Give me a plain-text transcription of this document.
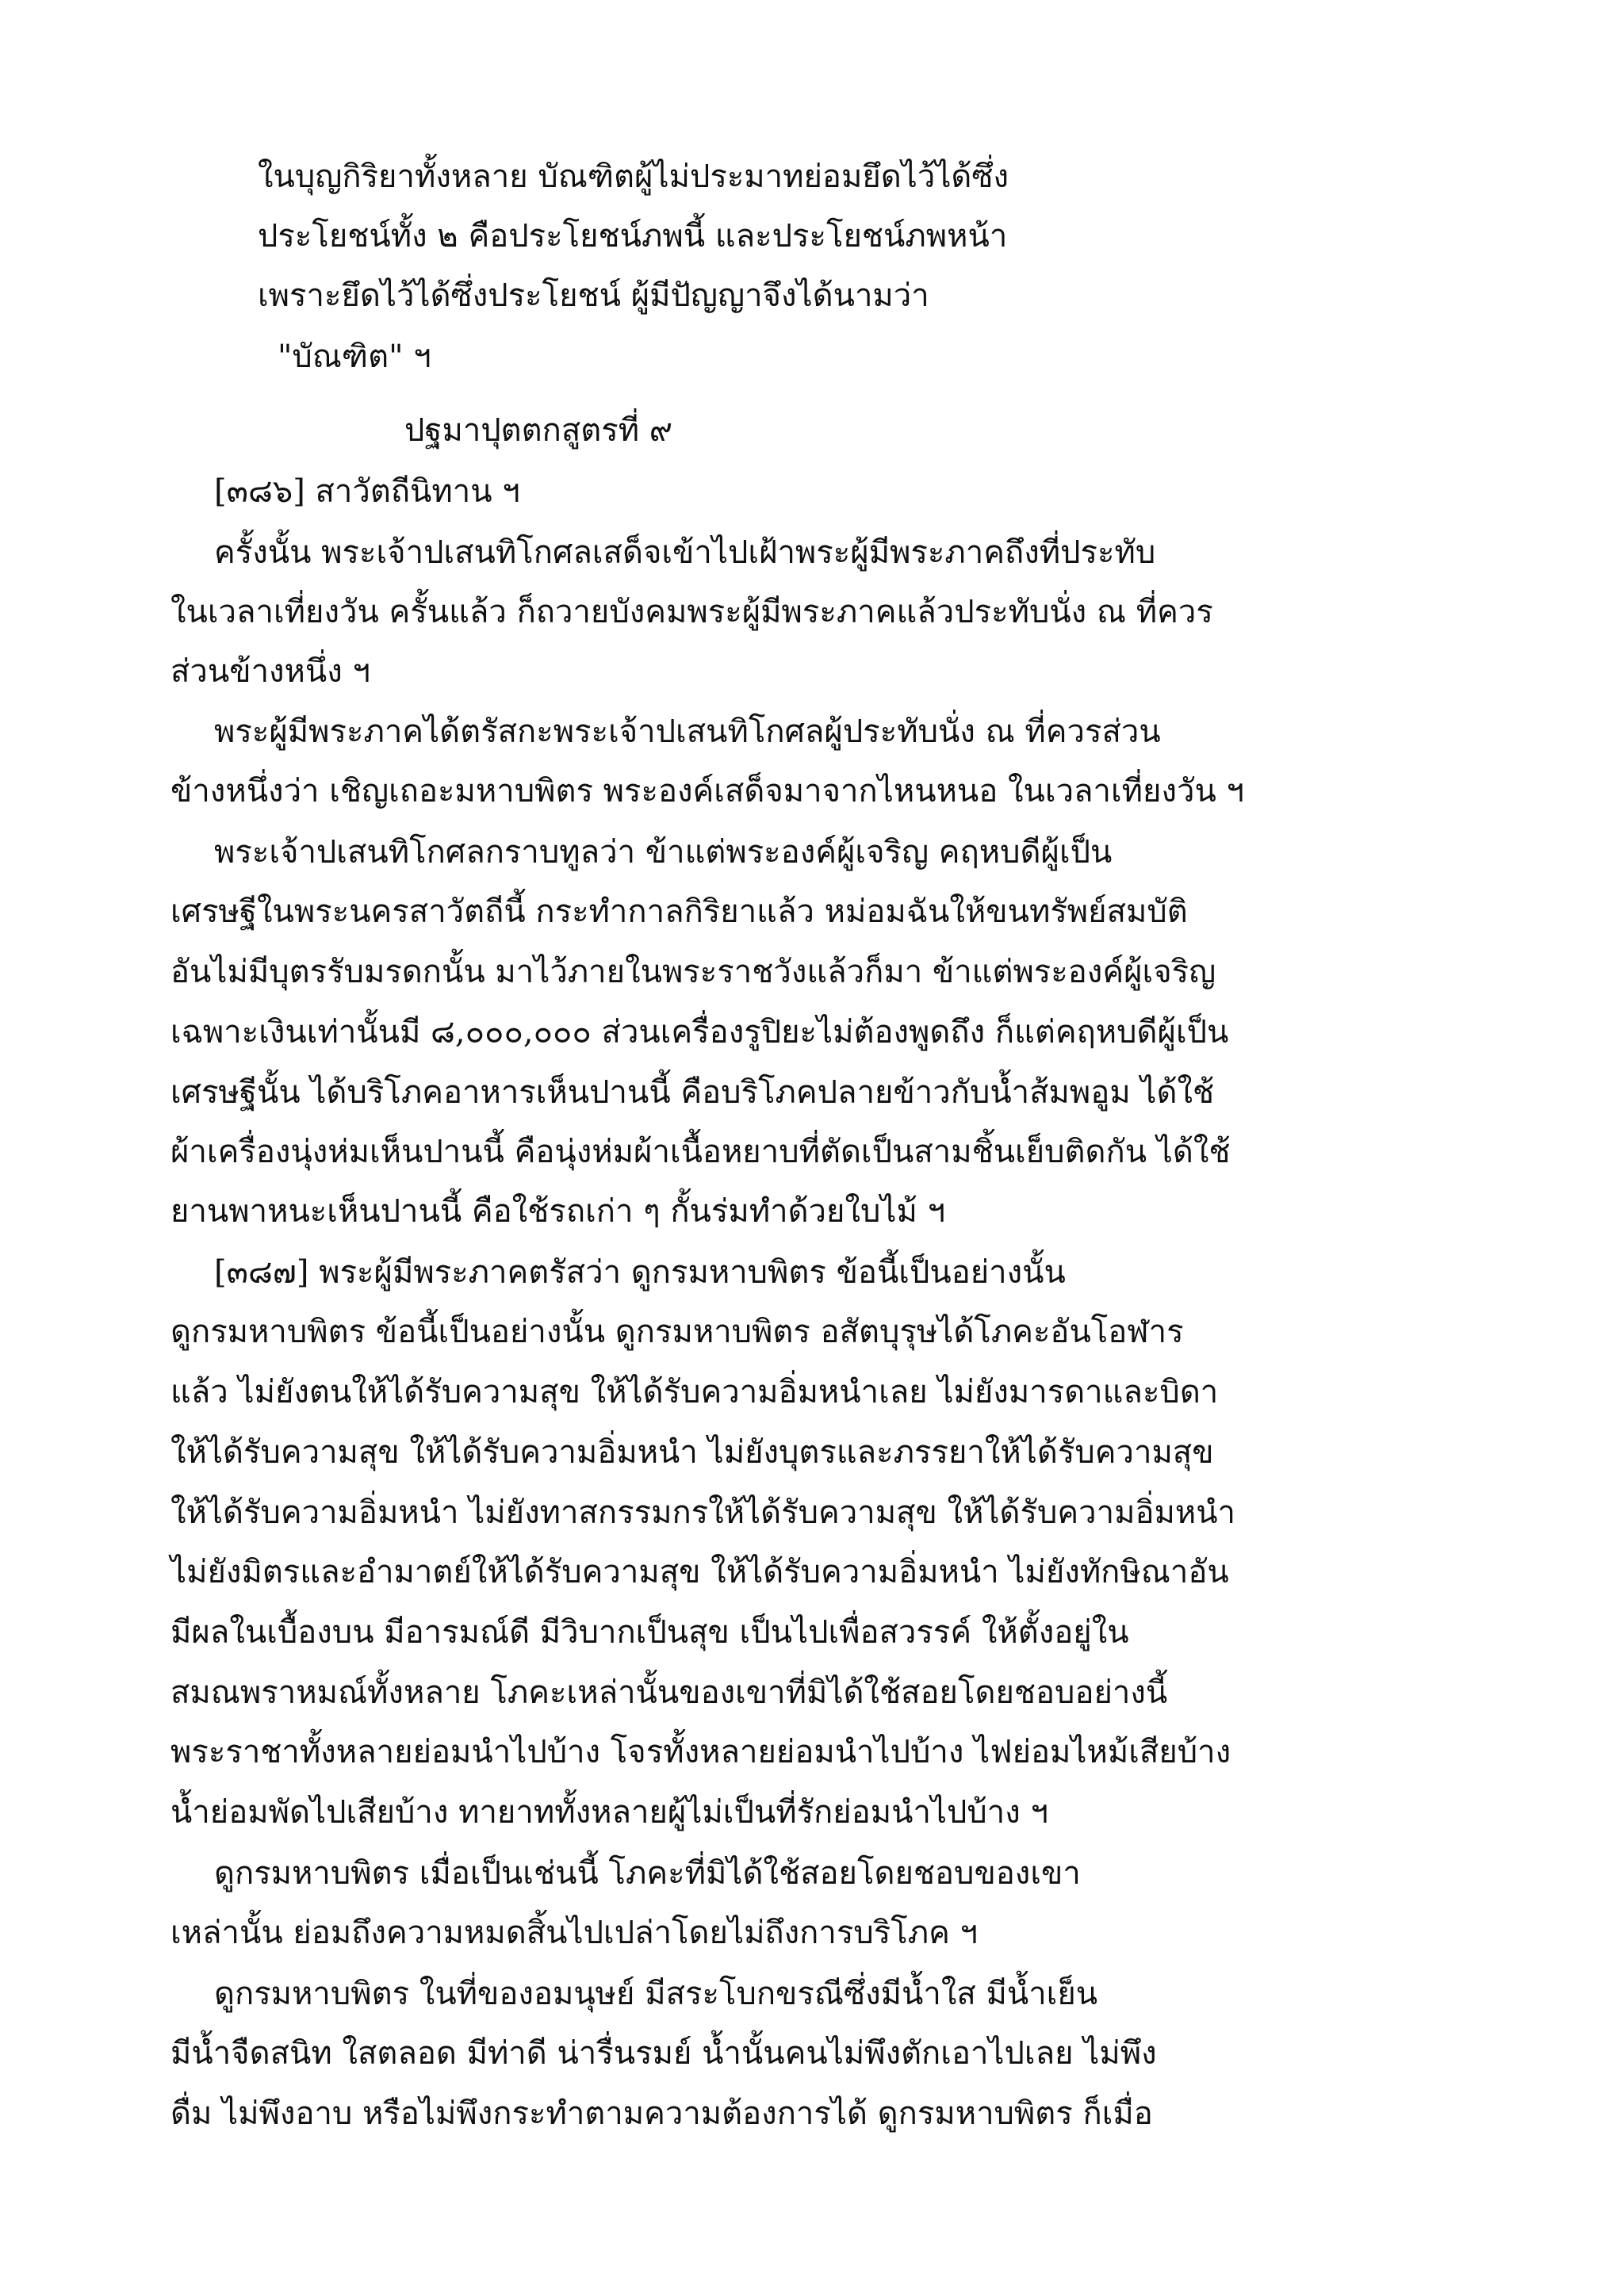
ในบุญกิริยาทั้งหลาย บัณฑิตผู้ไม่ประมาทย่อมยึดไว้ได้ซึ่ง
ประโยชน์ทั้ง ๒ คือประโยชน์ภพนี้ และประโยชน์ภพหน้า
เพราะยึดไว้ได้ซึ่งประโยชน์ ผู้มีปัญญาจึงได้นามว่า
"บัณฑิต" ฯ
ปฐมาปุตตกสูตรที่ ๙
[๓๘๖] สาวัตถีนิทาน ฯ
ครั้งนั้น พระเจ้าปเสนทิโกศลเสด็จเข้าไปเฝ้าพระผู้มีพระภาคถึงที่ประทับ
ในเวลาเที่ยงวัน ครั้นแล้ว ก็ถวายบังคมพระผู้มีพระภาคแล้วประทับนั่ง ณ ที่ควร
ส่วนข้างหนึ่ง ฯ
พระผู้มีพระภาคได้ตรัสกะพระเจ้าปเสนทิโกศลผู้ประทับนั่ง ณ ที่ควรส่วน
ข้างหนึ่งว่า เชิญเถอะมหาบพิตร พระองค์เสด็จมาจากไหนหนอ ในเวลาเที่ยงวัน ฯ
พระเจ้าปเสนทิโกศลกราบทูลว่า ข้าแต่พระองค์ผู้เจริญ คฤหบดีผู้เป็น
เศรษฐีในพระนครสาวัตถีนี้ กระทำกาลกิริยาแล้ว หม่อมฉันให้ขนทรัพย์สมบัติ
อันไม่มีบุตรรับมรดกนั้น มาไว้ภายในพระราชวังแล้วก็มา ข้าแต่พระองค์ผู้เจริญ
เฉพาะเงินเท่านั้นมี ๘,๐๐๐,๐๐๐ ส่วนเครื่องรูปิยะไม่ต้องพูดถึง ก็แต่คฤหบดีผู้เป็น
เศรษฐีนั้น ได้บริโภคอาหารเห็นปานนี้ คือบริโภคปลายข้าวกับน้ำส้มพอูม ได้ใช้
ผ้าเครื่องนุ่งห่มเห็นปานนี้ คือนุ่งห่มผ้าเนื้อหยาบที่ตัดเป็นสามชิ้นเย็บติดกัน ได้ใช้
ยานพาหนะเห็นปานนี้ คือใช้รถเก่า ๆ กั้นร่มทำด้วยใบไม้ ฯ
[๓๘๗] พระผู้มีพระภาคตรัสว่า ดูกรมหาบพิตร ข้อนี้เป็นอย่างนั้น
ดูกรมหาบพิตร ข้อนี้เป็นอย่างนั้น ดูกรมหาบพิตร อสัตบุรุษได้โภคะอันโอฬาร
แล้ว ไม่ยังตนให้ได้รับความสุข ให้ได้รับความอิ่มหนำเลย ไม่ยังมารดาและบิดา
ให้ได้รับความสุข ให้ได้รับความอิ่มหนำ ไม่ยังบุตรและภรรยาให้ได้รับความสุข
ให้ได้รับความอิ่มหนำ ไม่ยังทาสกรรมกรให้ได้รับความสุข ให้ได้รับความอิ่มหนำ
ไม่ยังมิตรและอำมาตย์ให้ได้รับความสุข ให้ได้รับความอิ่มหนำ ไม่ยังทักษิณาอัน
มีผลในเบื้องบน มีอารมณ์ดี มีวิบากเป็นสุข เป็นไปเพื่อสวรรค์ ให้ตั้งอยู่ใน
สมณพราหมณ์ทั้งหลาย โภคะเหล่านั้นของเขาที่มิได้ใช้สอยโดยชอบอย่างนี้
พระราชาทั้งหลายย่อมนำไปบ้าง โจรทั้งหลายย่อมนำไปบ้าง ไฟย่อมไหม้เสียบ้าง
น้ำย่อมพัดไปเสียบ้าง ทายาททั้งหลายผู้ไม่เป็นที่รักย่อมนำไปบ้าง ฯ
ดูกรมหาบพิตร เมื่อเป็นเช่นนี้ โภคะที่มิได้ใช้สอยโดยชอบของเขา
เหล่านั้น ย่อมถึงความหมดสิ้นไปเปล่าโดยไม่ถึงการบริโภค ฯ
ดูกรมหาบพิตร ในที่ของอมนุษย์ มีสระโบกขรณีซึ่งมีน้ำใส มีน้ำเย็น
มีน้ำจืดสนิท ใสตลอด มีท่าดี น่ารื่นรมย์ น้ำนั้นคนไม่พึงตักเอาไปเลย ไม่พึง
ดื่ม ไม่พึงอาบ หรือไม่พึงกระทำตามความต้องการได้ ดูกรมหาบพิตร ก็เมื่อ
